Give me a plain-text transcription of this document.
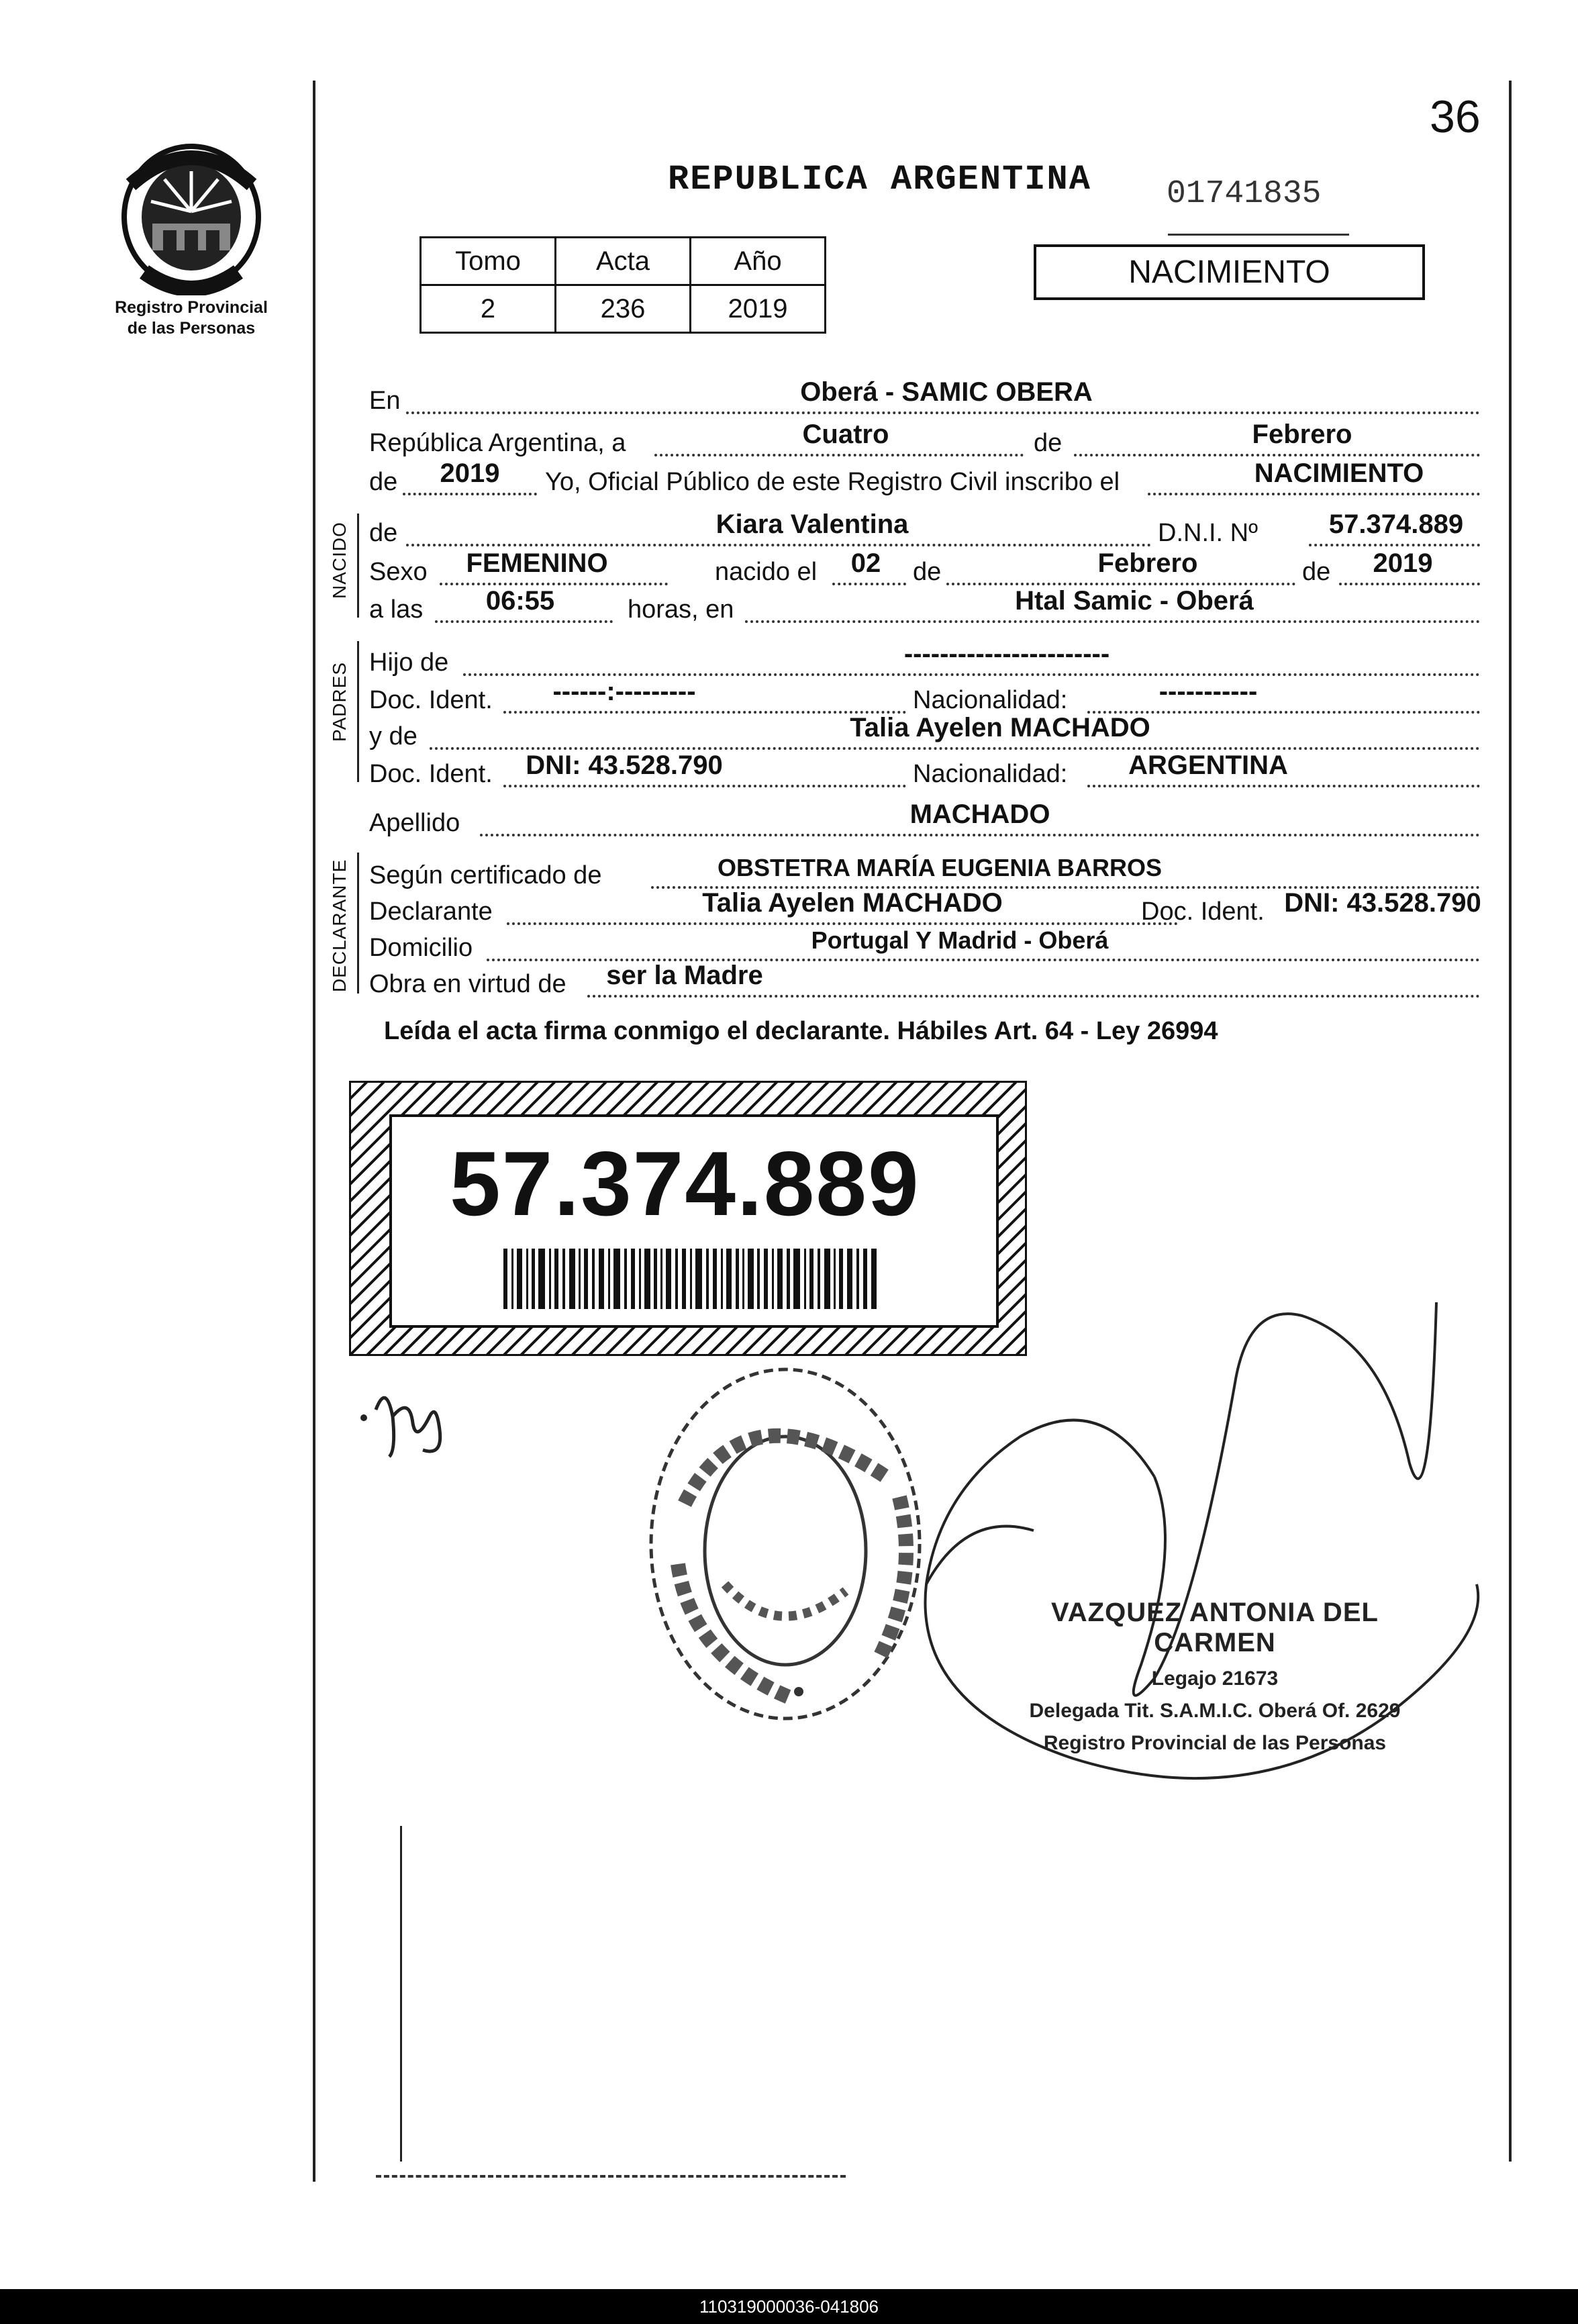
36
Registro Provincial
de las Personas
REPUBLICA ARGENTINA 01741835
Tomo	Acta	Año
2	236	2019
NACIMIENTO
En	Oberá - SAMIC OBERA
República Argentina, a	Cuatro	de	Febrero
de	2019	Yo, Oficial Público de este Registro Civil inscribo el	NACIMIENTO
NACIDO de	Kiara Valentina	D.N.I. Nº	57.374.889
Sexo	FEMENINO	nacido el	02	de	Febrero	de	2019
a las	06:55	horas, en	Htal Samic - Oberá
PADRES Hijo de	-----------------------
Doc. Ident.	------:---------	Nacionalidad:	-----------
y de	Talia Ayelen MACHADO
Doc. Ident.	DNI: 43.528.790	Nacionalidad:	ARGENTINA
Apellido	MACHADO
DECLARANTE Según certificado de	OBSTETRA MARÍA EUGENIA BARROS
Declarante	Talia Ayelen MACHADO	Doc. Ident. DNI: 43.528.790
Domicilio	Portugal Y Madrid - Oberá
Obra en virtud de	ser la Madre
Leída el acta firma conmigo el declarante. Hábiles Art. 64 - Ley 26994
57.374.889
VAZQUEZ ANTONIA DEL CARMEN
Legajo 21673
Delegada Tit. S.A.M.I.C. Oberá Of. 2629
Registro Provincial de las Personas
110319000036-041806
